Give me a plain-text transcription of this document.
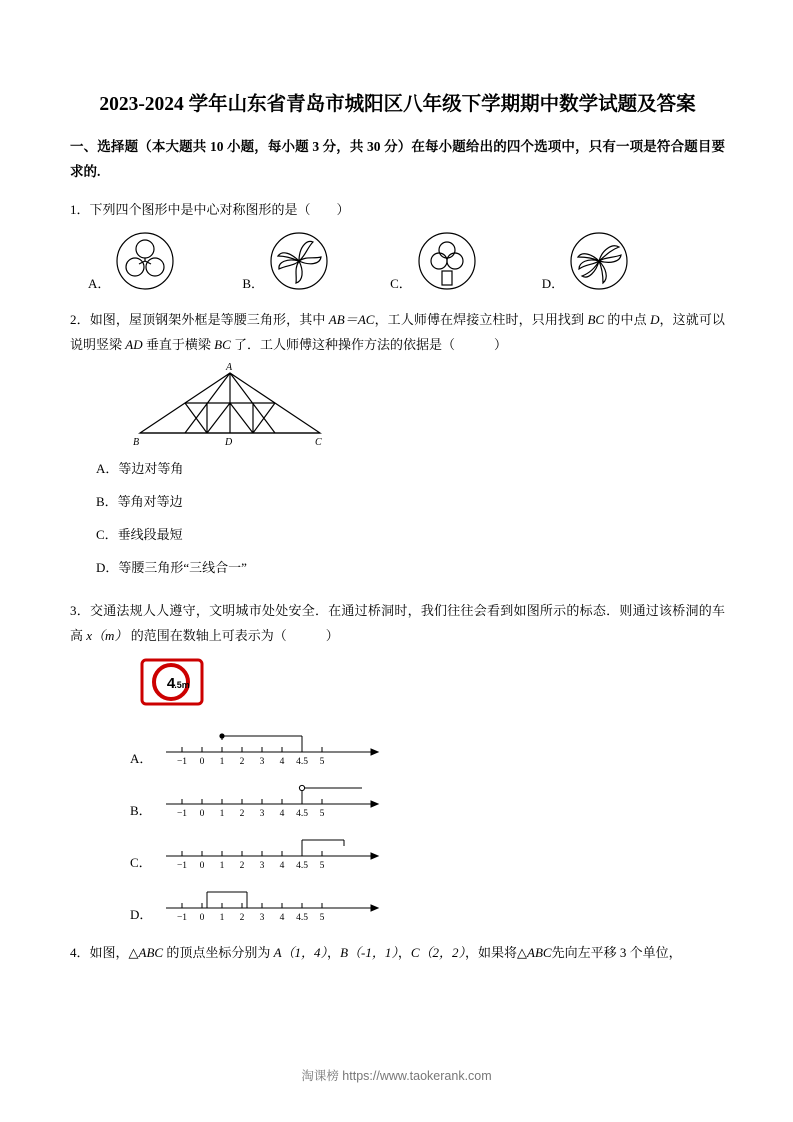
2023-2024 学年山东省青岛市城阳区八年级下学期期中数学试题及答案
一、选择题（本大题共 10 小题，每小题 3 分，共 30 分）在每小题给出的四个选项中，只有一项是符合题目要求的.
1．下列四个图形中是中心对称图形的是（　　）
A．	B．	C．	D．
2．如图，屋顶钢架外框是等腰三角形，其中 AB＝AC，工人师傅在焊接立柱时，只用找到 BC 的中点 D，这就可以说明竖梁 AD 垂直于横梁 BC 了．工人师傅这种操作方法的依据是（　　　）
A
B	D	C
A．等边对等角
B．等角对等边
C．垂线段最短
D．等腰三角形“三线合一”
3．交通法规人人遵守，文明城市处处安全．在通过桥洞时，我们往往会看到如图所示的标态．则通过该桥洞的车高 x（m） 的范围在数轴上可表示为（　　　）
4 .5m
A．	−1 0 1 2 3 4 4.5 5
B．	−1 0 1 2 3 4 4.5 5
C．	−1 0 1 2 3 4 4.5 5
D．	−1 0 1 2 3 4 4.5 5
4．如图，△ABC 的顶点坐标分别为 A（1，4），B（-1，1），C（2，2），如果将△ABC先向左平移 3 个单位，
淘课榜 https://www.taokerank.com
